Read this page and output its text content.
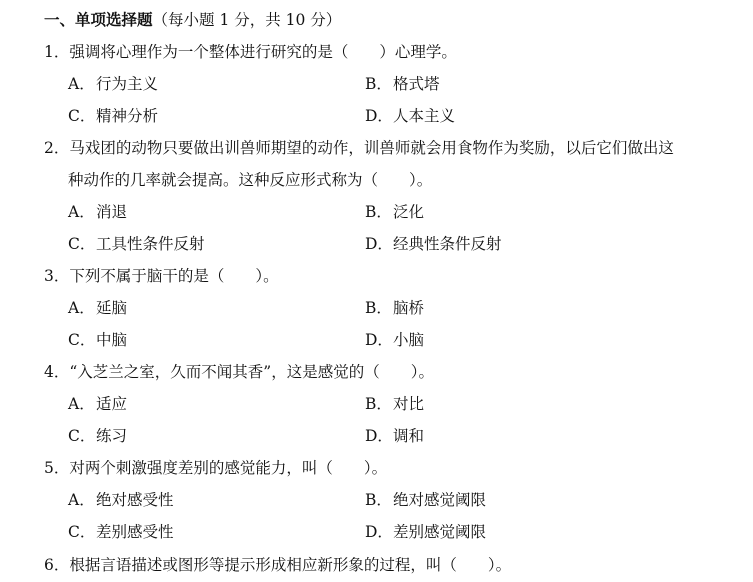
一、单项选择题（每小题 1 分，共 10 分）
1．强调将心理作为一个整体进行研究的是（　　）心理学。
A．行为主义	B．格式塔
C．精神分析	D．人本主义
2．马戏团的动物只要做出训兽师期望的动作，训兽师就会用食物作为奖励，以后它们做出这
种动作的几率就会提高。这种反应形式称为（　　）。
A．消退	B．泛化
C．工具性条件反射	D．经典性条件反射
3．下列不属于脑干的是（　　）。
A．延脑	B．脑桥
C．中脑	D．小脑
4．“入芝兰之室，久而不闻其香”，这是感觉的（　　）。
A．适应	B．对比
C．练习	D．调和
5．对两个刺激强度差别的感觉能力，叫（　　）。
A．绝对感受性	B．绝对感觉阈限
C．差别感受性	D．差别感觉阈限
6．根据言语描述或图形等提示形成相应新形象的过程，叫（　　）。
